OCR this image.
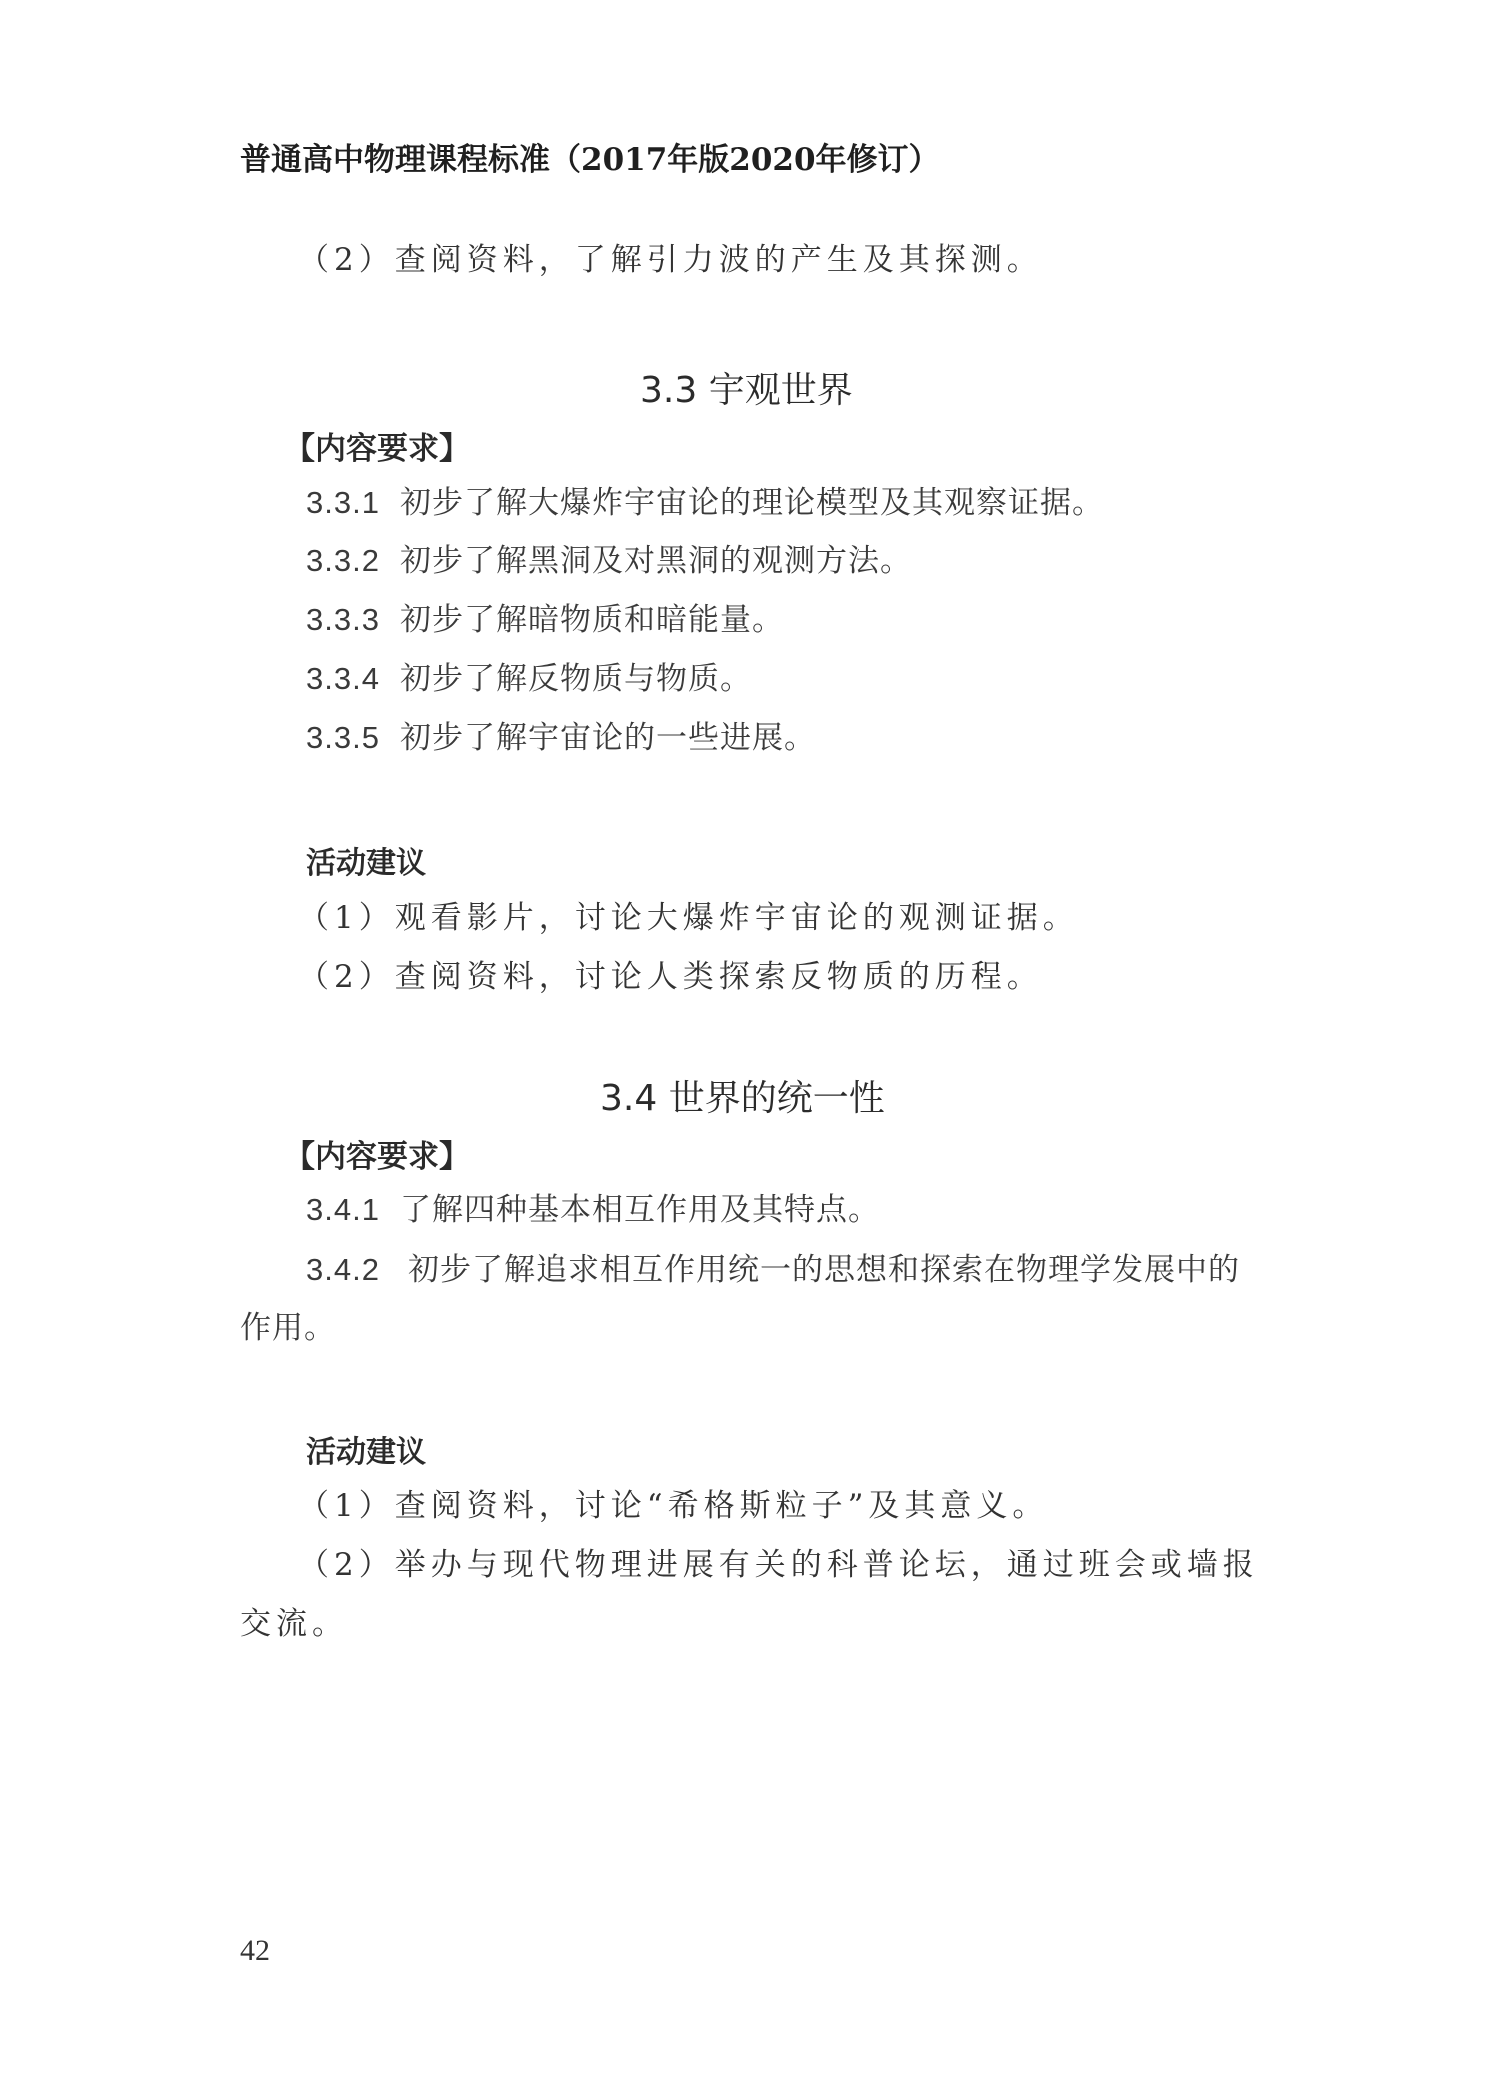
普通高中物理课程标准（2017年版2020年修订）
（2）查阅资料，了解引力波的产生及其探测。
3.3 宇观世界
【内容要求】
3.3.1 初步了解大爆炸宇宙论的理论模型及其观察证据。
3.3.2 初步了解黑洞及对黑洞的观测方法。
3.3.3 初步了解暗物质和暗能量。
3.3.4 初步了解反物质与物质。
3.3.5 初步了解宇宙论的一些进展。
活动建议
（1）观看影片，讨论大爆炸宇宙论的观测证据。
（2）查阅资料，讨论人类探索反物质的历程。
3.4 世界的统一性
【内容要求】
3.4.1 了解四种基本相互作用及其特点。
3.4.2 初步了解追求相互作用统一的思想和探索在物理学发展中的
作用。
活动建议
（1）查阅资料，讨论“希格斯粒子”及其意义。
（2）举办与现代物理进展有关的科普论坛，通过班会或墙报
交流。
42
